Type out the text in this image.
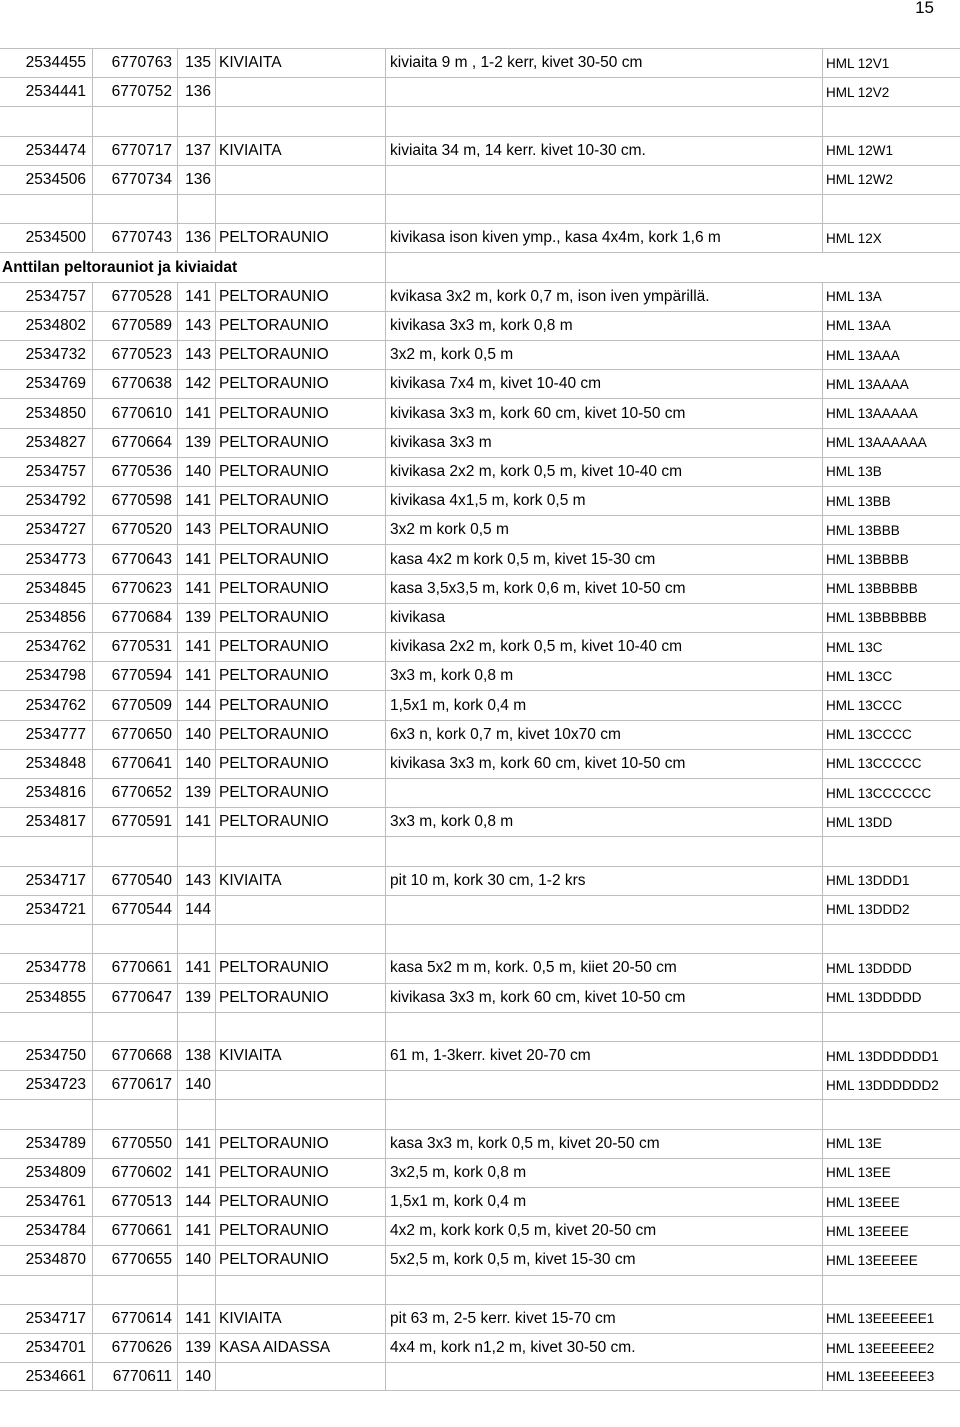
15
2534455	6770763 135 KIVIAITA	kiviaita 9 m , 1-2 kerr, kivet 30-50 cm	HML 12V1
2534441	6770752 136	HML 12V2
2534474	6770717 137 KIVIAITA	kiviaita 34 m, 14 kerr. kivet 10-30 cm.	HML 12W1
2534506	6770734 136	HML 12W2
2534500	6770743 136 PELTORAUNIO	kivikasa ison kiven ymp., kasa 4x4m, kork 1,6 m	HML 12X
Anttilan peltorauniot ja kiviaidat
2534757	6770528 141 PELTORAUNIO	kvikasa 3x2 m, kork 0,7 m, ison iven ympärillä.	HML 13A
2534802	6770589 143 PELTORAUNIO	kivikasa 3x3 m, kork 0,8 m	HML 13AA
2534732	6770523 143 PELTORAUNIO	3x2 m, kork 0,5 m	HML 13AAA
2534769	6770638 142 PELTORAUNIO	kivikasa 7x4 m, kivet 10-40 cm	HML 13AAAA
2534850	6770610 141 PELTORAUNIO	kivikasa 3x3 m, kork 60 cm, kivet 10-50 cm	HML 13AAAAA
2534827	6770664 139 PELTORAUNIO	kivikasa 3x3 m	HML 13AAAAAA
2534757	6770536 140 PELTORAUNIO	kivikasa 2x2 m, kork 0,5 m, kivet 10-40 cm	HML 13B
2534792	6770598 141 PELTORAUNIO	kivikasa 4x1,5 m, kork 0,5 m	HML 13BB
2534727	6770520 143 PELTORAUNIO	3x2 m kork 0,5 m	HML 13BBB
2534773	6770643 141 PELTORAUNIO	kasa 4x2 m kork 0,5 m, kivet 15-30 cm	HML 13BBBB
2534845	6770623 141 PELTORAUNIO	kasa 3,5x3,5 m, kork 0,6 m, kivet 10-50 cm	HML 13BBBBB
2534856	6770684 139 PELTORAUNIO	kivikasa	HML 13BBBBBB
2534762	6770531 141 PELTORAUNIO	kivikasa 2x2 m, kork 0,5 m, kivet 10-40 cm	HML 13C
2534798	6770594 141 PELTORAUNIO	3x3 m, kork 0,8 m	HML 13CC
2534762	6770509 144 PELTORAUNIO	1,5x1 m, kork 0,4 m	HML 13CCC
2534777	6770650 140 PELTORAUNIO	6x3 n, kork 0,7 m, kivet 10x70 cm	HML 13CCCC
2534848	6770641 140 PELTORAUNIO	kivikasa 3x3 m, kork 60 cm, kivet 10-50 cm	HML 13CCCCC
2534816	6770652 139 PELTORAUNIO	HML 13CCCCCC
2534817	6770591 141 PELTORAUNIO	3x3 m, kork 0,8 m	HML 13DD
2534717	6770540 143 KIVIAITA	pit 10 m, kork 30 cm, 1-2 krs	HML 13DDD1
2534721	6770544 144	HML 13DDD2
2534778	6770661 141 PELTORAUNIO	kasa 5x2 m m, kork. 0,5 m, kiiet 20-50 cm	HML 13DDDD
2534855	6770647 139 PELTORAUNIO	kivikasa 3x3 m, kork 60 cm, kivet 10-50 cm	HML 13DDDDD
2534750	6770668 138 KIVIAITA	61 m, 1-3kerr. kivet 20-70 cm	HML 13DDDDDD1
2534723	6770617 140	HML 13DDDDDD2
2534789	6770550 141 PELTORAUNIO	kasa 3x3 m, kork 0,5 m, kivet 20-50 cm	HML 13E
2534809	6770602 141 PELTORAUNIO	3x2,5 m, kork 0,8 m	HML 13EE
2534761	6770513 144 PELTORAUNIO	1,5x1 m, kork 0,4 m	HML 13EEE
2534784	6770661 141 PELTORAUNIO	4x2 m, kork kork 0,5 m, kivet 20-50 cm	HML 13EEEE
2534870	6770655 140 PELTORAUNIO	5x2,5 m, kork 0,5 m, kivet 15-30 cm	HML 13EEEEE
2534717	6770614 141 KIVIAITA	pit 63 m, 2-5 kerr. kivet 15-70 cm	HML 13EEEEEE1
2534701	6770626 139 KASA AIDASSA	4x4 m, kork n1,2 m, kivet 30-50 cm.	HML 13EEEEEE2
2534661	6770611 140	HML 13EEEEEE3
